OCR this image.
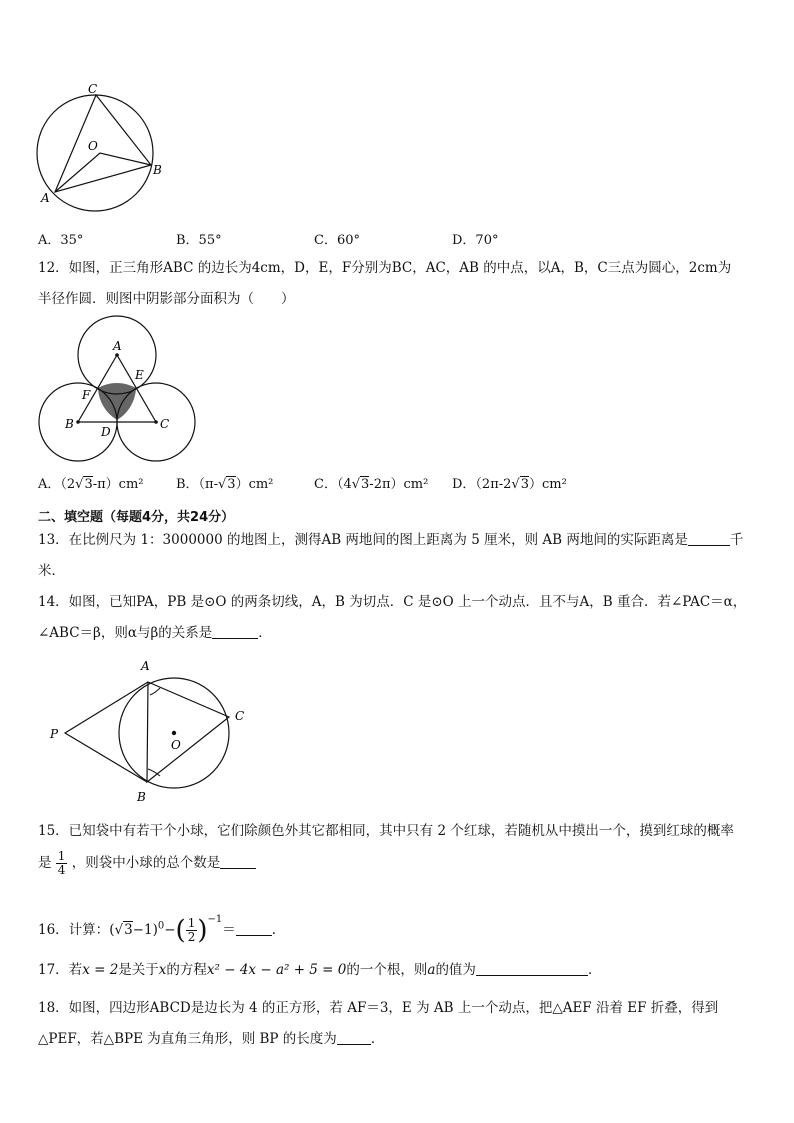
C
O
B
A
A．35°	B．55°	C．60°	D．70°
12．如图，正三角形ABC 的边长为4cm，D，E，F分别为BC，AC，AB 的中点，以A，B，C三点为圆心，2cm为
半径作圆．则图中阴影部分面积为（　　）
A
E
F
B
D
C
A．（2√3-π）cm² B．（π-√3）cm²	C．（4√3-2π）cm² D．（2π-2√3）cm²
二、填空题（每题4分，共24分）
13．在比例尺为 1：3000000 的地图上，测得AB 两地间的图上距离为 5 厘米，则 AB 两地间的实际距离是	千
米．
14．如图，已知PA，PB 是⊙O 的两条切线，A，B 为切点．C 是⊙O 上一个动点．且不与A，B 重合．若∠PAC＝α，
∠ABC＝β，则α与β的关系是	．
A
P
C
O
B
15．已知袋中有若干个小球，它们除颜色外其它都相同，其中只有 2 个红球，若随机从中摸出一个，摸到红球的概率
是 $\frac{1}{4}$ ，则袋中小球的总个数是
16．计算：$(√3-1)^0-( \frac{1}{2} )^{-1}=$	．
17．若x = 2是关于x的方程x² − 4x − a² + 5 = 0的一个根，则a的值为	．
18．如图，四边形ABCD是边长为 4 的正方形，若 AF＝3，E 为 AB 上一个动点，把△AEF 沿着 EF 折叠，得到
△PEF，若△BPE 为直角三角形，则 BP 的长度为	．
